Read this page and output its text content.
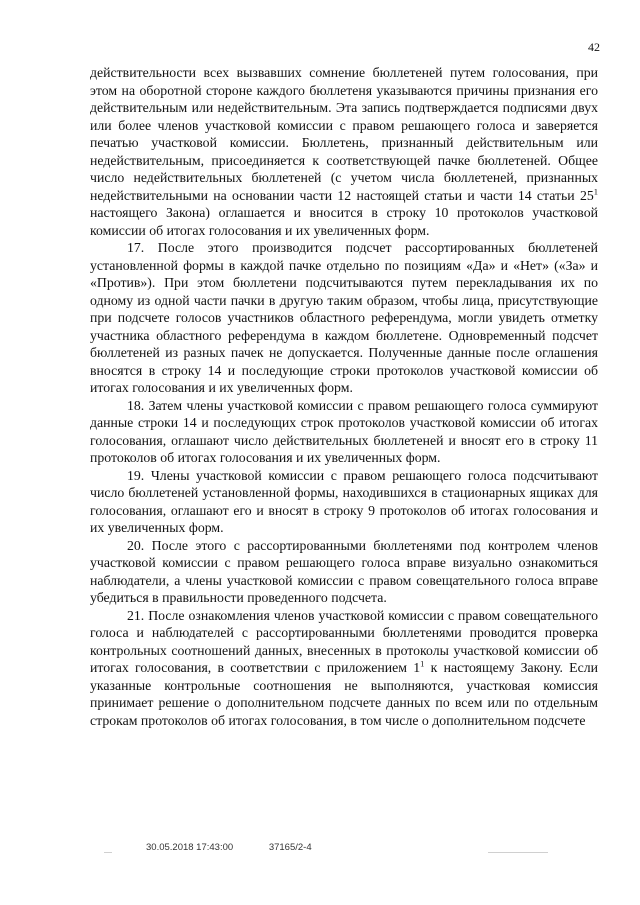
42

действительности всех вызвавших сомнение бюллетеней путем голосования, при этом на оборотной стороне каждого бюллетеня указываются причины признания его действительным или недействительным. Эта запись подтверждается подписями двух или более членов участковой комиссии с правом решающего голоса и заверяется печатью участковой комиссии. Бюллетень, признанный действительным или недействительным, присоединяется к соответствующей пачке бюллетеней. Общее число недействительных бюллетеней (с учетом числа бюллетеней, признанных недействительными на основании части 12 настоящей статьи и части 14 статьи $25^1$ настоящего Закона) оглашается и вносится в строку 10 протоколов участковой комиссии об итогах голосования и их увеличенных форм.

17. После этого производится подсчет рассортированных бюллетеней установленной формы в каждой пачке отдельно по позициям «Да» и «Нет» («За» и «Против»). При этом бюллетени подсчитываются путем перекладывания их по одному из одной части пачки в другую таким образом, чтобы лица, присутствующие при подсчете голосов участников областного референдума, могли увидеть отметку участника областного референдума в каждом бюллетене. Одновременный подсчет бюллетеней из разных пачек не допускается. Полученные данные после оглашения вносятся в строку 14 и последующие строки протоколов участковой комиссии об итогах голосования и их увеличенных форм.

18. Затем члены участковой комиссии с правом решающего голоса суммируют данные строки 14 и последующих строк протоколов участковой комиссии об итогах голосования, оглашают число действительных бюллетеней и вносят его в строку 11 протоколов об итогах голосования и их увеличенных форм.

19. Члены участковой комиссии с правом решающего голоса подсчитывают число бюллетеней установленной формы, находившихся в стационарных ящиках для голосования, оглашают его и вносят в строку 9 протоколов об итогах голосования и их увеличенных форм.

20. После этого с рассортированными бюллетенями под контролем членов участковой комиссии с правом решающего голоса вправе визуально ознакомиться наблюдатели, а члены участковой комиссии с правом совещательного голоса вправе убедиться в правильности проведенного подсчета.

21. После ознакомления членов участковой комиссии с правом совещательного голоса и наблюдателей с рассортированными бюллетенями проводится проверка контрольных соотношений данных, внесенных в протоколы участковой комиссии об итогах голосования, в соответствии с приложением $1^1$ к настоящему Закону. Если указанные контрольные соотношения не выполняются, участковая комиссия принимает решение о дополнительном подсчете данных по всем или по отдельным строкам протоколов об итогах голосования, в том числе о дополнительном подсчете

30.05.2018 17:43:00	37165/2-4
